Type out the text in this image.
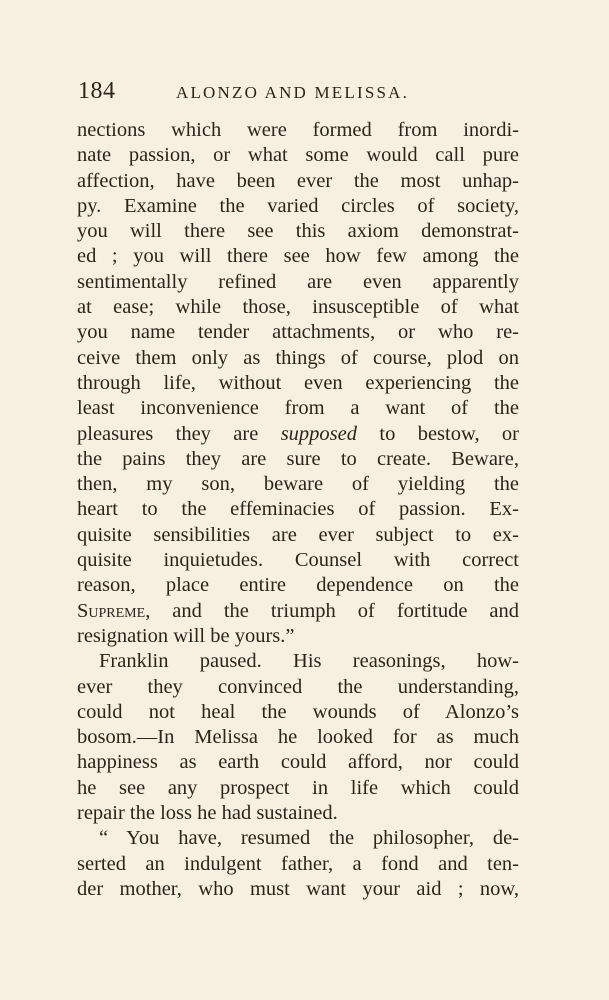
184	ALONZO AND MELISSA.
nections which were formed from inordi-
nate passion, or what some would call pure
affection, have been ever the most unhap-
py. Examine the varied circles of society,
you will there see this axiom demonstrat-
ed ; you will there see how few among the
sentimentally refined are even apparently
at ease; while those, insusceptible of what
you name tender attachments, or who re-
ceive them only as things of course, plod on
through life, without even experiencing the
least inconvenience from a want of the
pleasures they are supposed to bestow, or
the pains they are sure to create. Beware,
then, my son, beware of yielding the
heart to the effeminacies of passion. Ex-
quisite sensibilities are ever subject to ex-
quisite inquietudes. Counsel with correct
reason, place entire dependence on the
Supreme, and the triumph of fortitude and
resignation will be yours.”
Franklin paused. His reasonings, how-
ever they convinced the understanding,
could not heal the wounds of Alonzo’s
bosom.—In Melissa he looked for as much
happiness as earth could afford, nor could
he see any prospect in life which could
repair the loss he had sustained.
“ You have, resumed the philosopher, de-
serted an indulgent father, a fond and ten-
der mother, who must want your aid ; now,
